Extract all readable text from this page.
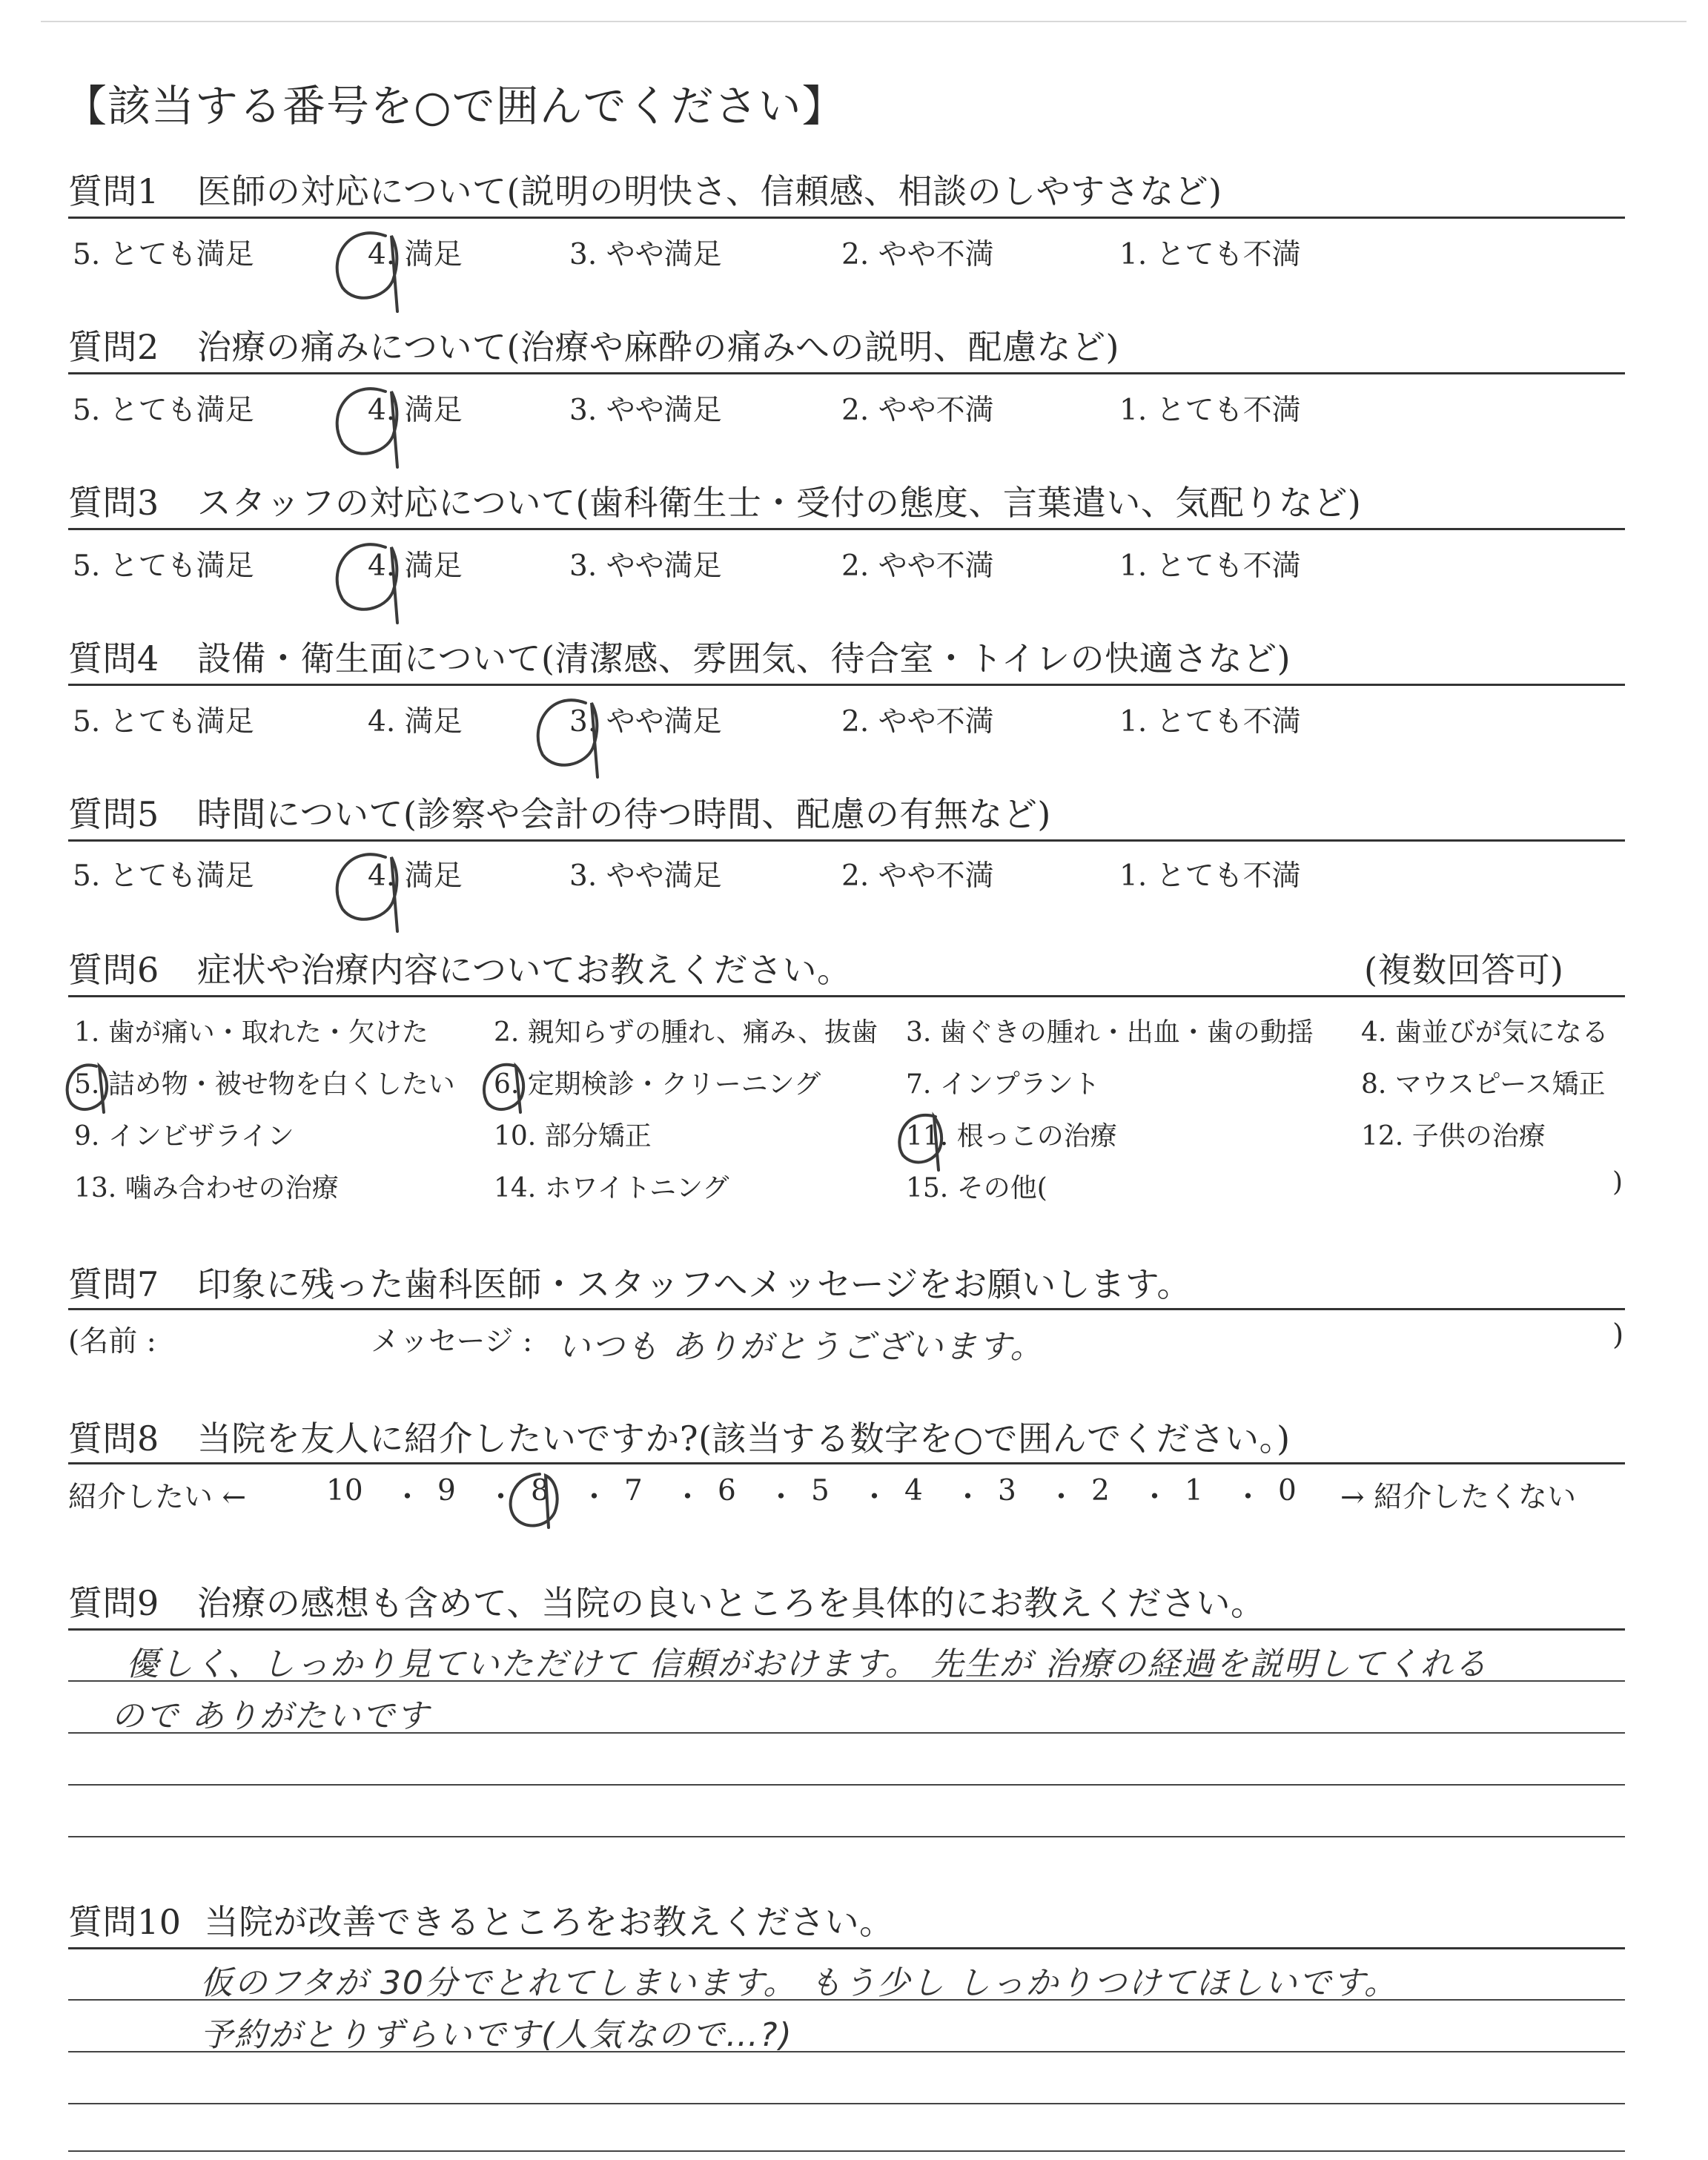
【該当する番号を○で囲んでください】
質問1 医師の対応について(説明の明快さ、信頼感、相談のしやすさなど)
5. とても満足	4. 満足	3. やや満足	2. やや不満	1. とても不満
質問2 治療の痛みについて(治療や麻酔の痛みへの説明、配慮など)
5. とても満足	4. 満足	3. やや満足	2. やや不満	1. とても不満
質問3 スタッフの対応について(歯科衛生士・受付の態度、言葉遣い、気配りなど)
5. とても満足	4. 満足	3. やや満足	2. やや不満	1. とても不満
質問4 設備・衛生面について(清潔感、雰囲気、待合室・トイレの快適さなど)
5. とても満足	4. 満足	3. やや満足	2. やや不満	1. とても不満
質問5 時間について(診察や会計の待つ時間、配慮の有無など)
5. とても満足	4. 満足	3. やや満足	2. やや不満	1. とても不満
質問6 症状や治療内容についてお教えください。	(複数回答可)
1. 歯が痛い・取れた・欠けた 2. 親知らずの腫れ、痛み、抜歯 3. 歯ぐきの腫れ・出血・歯の動揺 4. 歯並びが気になる
5. 詰め物・被せ物を白くしたい 6. 定期検診・クリーニング	7. インプラント	8. マウスピース矯正
9. インビザライン	10. 部分矯正	11. 根っこの治療	12. 子供の治療
13. 噛み合わせの治療	14. ホワイトニング	15. その他(	)
質問7 印象に残った歯科医師・スタッフへメッセージをお願いします。
(名前 :	メッセージ : いつも ありがとうございます。	)
質問8 当院を友人に紹介したいですか?(該当する数字を○で囲んでください。)
紹介したい ←	10 ・ 9 ・ 8 ・ 7 ・ 6 ・ 5 ・ 4 ・ 3 ・ 2 ・ 1 ・ 0 → 紹介したくない
質問9 治療の感想も含めて、当院の良いところを具体的にお教えください。
優しく、しっかり見ていただけて 信頼がおけます。 先生が 治療の経過を説明してくれる
ので ありがたいです
質問10 当院が改善できるところをお教えください。
仮のフタが 30分でとれてしまいます。 もう少し しっかりつけてほしいです。
予約がとりずらいです(人気なので…?)
